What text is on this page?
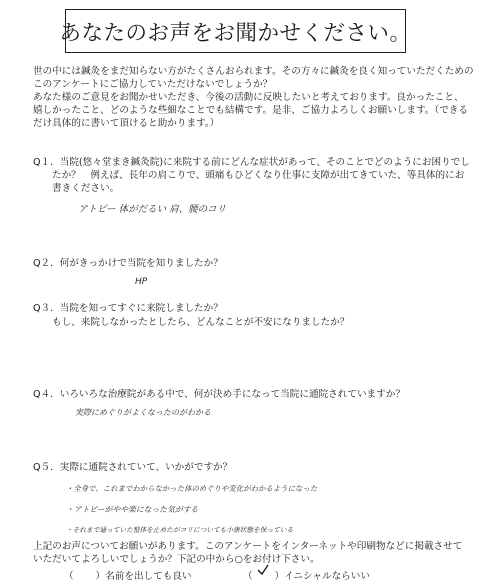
あなたのお声をお聞かせください。
世の中には鍼灸をまだ知らない方がたくさんおられます。その方々に鍼灸を良く知っていただくための
このアンケートにご協力していただけないでしょうか？
あなた様のご意見をお聞かせいただき、今後の活動に反映したいと考えております。良かったこと、
嬉しかったこと、どのような些細なことでも結構です。是非、ご協力よろしくお願いします。（できる
だけ具体的に書いて頂けると助かります。）
Q１．当院(悠々堂まき鍼灸院)に来院する前にどんな症状があって、そのことでどのようにお困りでし
たか？　例えば、長年の肩こりで、頭痛もひどくなり仕事に支障が出てきていた、等具体的にお
書きください。
アトピー 体がだるい 肩、腰のコリ
Q２．何がきっかけで当院を知りましたか？
HP
Q３．当院を知ってすぐに来院しましたか？
もし、来院しなかったとしたら、どんなことが不安になりましたか？
Q４．いろいろな治療院がある中で、何が決め手になって当院に通院されていますか？
実際にめぐりがよくなったのがわかる
Q５．実際に通院されていて、いかがですか？
・全身で、これまでわからなかった体のめぐりや変化がわかるようになった
・アトピーがやや楽になった気がする
・それまで通っていた整体を止めたがコリについても小康状態を保っている
上記のお声についてお願いがあります。このアンケートをインターネットや印刷物などに掲載させて
いただいてよろしいでしょうか？下記の中から○をお付け下さい。
（ ）名前を出しても良い	（ ）イニシャルならいい
